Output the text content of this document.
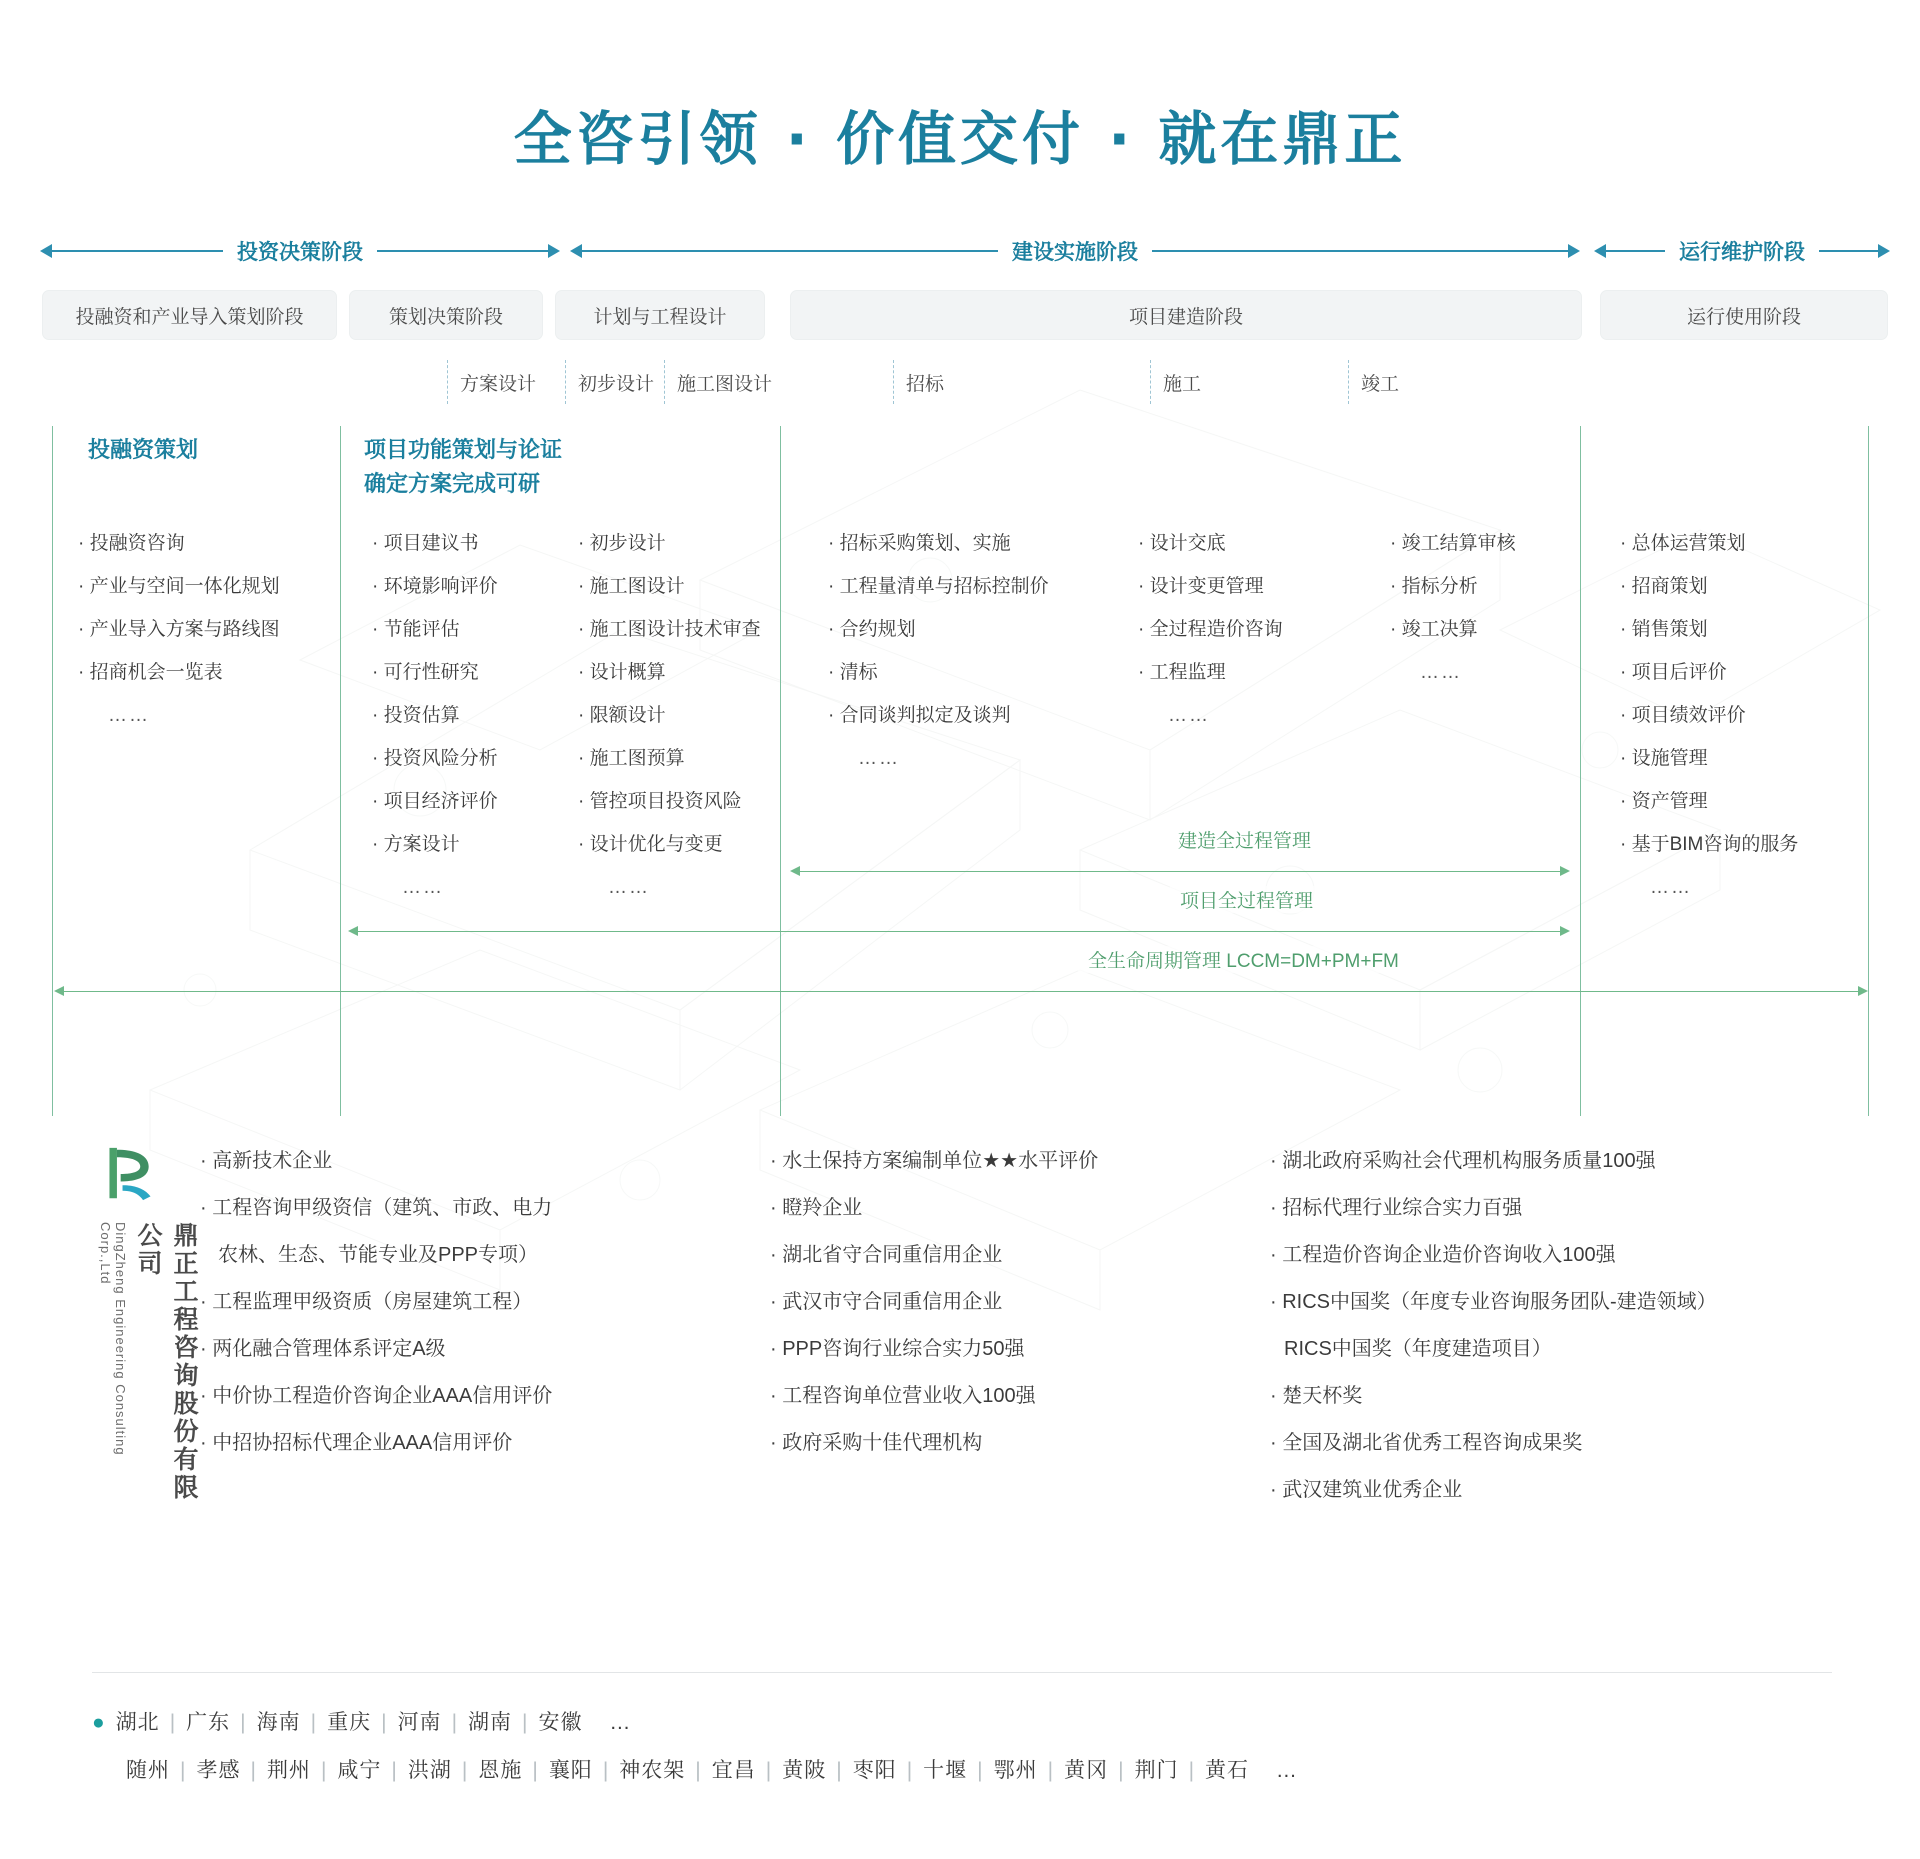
全咨引领 · 价值交付 · 就在鼎正
投资决策阶段	建设实施阶段	运行维护阶段
投融资和产业导入策划阶段	策划决策阶段	计划与工程设计	项目建造阶段	运行使用阶段
方案设计 初步设计 施工图设计	招标	施工	竣工
投融资策划
· 投融资咨询
· 产业与空间一体化规划
· 产业导入方案与路线图
· 招商机会一览表
……
项目功能策划与论证
确定方案完成可研
· 项目建议书
· 环境影响评价
· 节能评估
· 可行性研究
· 投资估算
· 投资风险分析
· 项目经济评价
· 方案设计
……
· 初步设计
· 施工图设计
· 施工图设计技术审查
· 设计概算
· 限额设计
· 施工图预算
· 管控项目投资风险
· 设计优化与变更
……
· 招标采购策划、实施
· 工程量清单与招标控制价
· 合约规划
· 清标
· 合同谈判拟定及谈判
……
· 设计交底
· 设计变更管理
· 全过程造价咨询
· 工程监理
……
· 竣工结算审核
· 指标分析
· 竣工决算
……
· 总体运营策划
· 招商策划
· 销售策划
· 项目后评价
· 项目绩效评价
· 设施管理
· 资产管理
· 基于BIM咨询的服务
……
建造全过程管理
项目全过程管理
全生命周期管理 LCCM=DM+PM+FM
鼎正工程咨询股份有限公司
DingZheng Engineering Consulting Corp.,Ltd
· 高新技术企业
· 工程咨询甲级资信（建筑、市政、电力
农林、生态、节能专业及PPP专项）
· 工程监理甲级资质（房屋建筑工程）
· 两化融合管理体系评定A级
· 中价协工程造价咨询企业AAA信用评价
· 中招协招标代理企业AAA信用评价
· 水土保持方案编制单位★★水平评价
· 瞪羚企业
· 湖北省守合同重信用企业
· 武汉市守合同重信用企业
· PPP咨询行业综合实力50强
· 工程咨询单位营业收入100强
· 政府采购十佳代理机构
· 湖北政府采购社会代理机构服务质量100强
· 招标代理行业综合实力百强
· 工程造价咨询企业造价咨询收入100强
· RICS中国奖（年度专业咨询服务团队-建造领域）
RICS中国奖（年度建造项目）
· 楚天杯奖
· 全国及湖北省优秀工程咨询成果奖
· 武汉建筑业优秀企业
● 湖北 | 广东 | 海南 | 重庆 | 河南 | 湖南 | 安徽 …
随州 | 孝感 | 荆州 | 咸宁 | 洪湖 | 恩施 | 襄阳 | 神农架 | 宜昌 | 黄陂 | 枣阳 | 十堰 | 鄂州 | 黄冈 | 荆门 | 黄石 …
